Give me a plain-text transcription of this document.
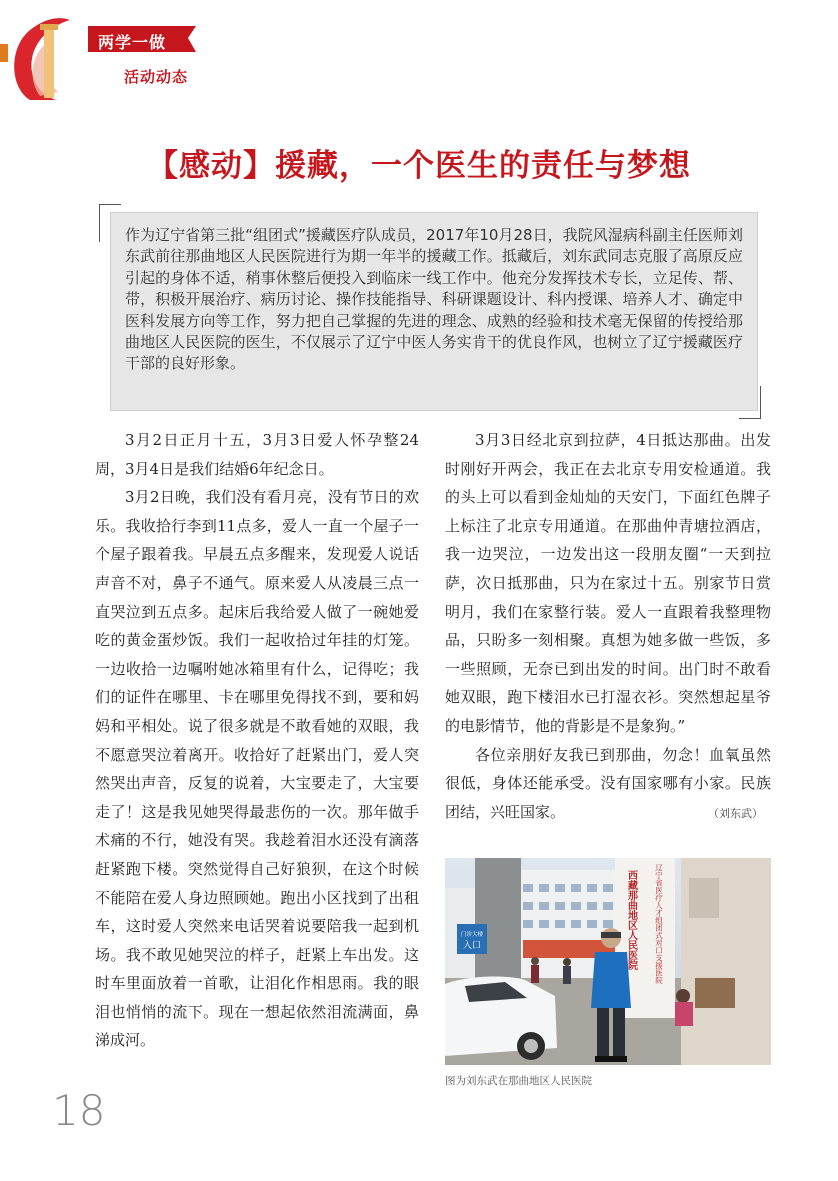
两学一做
活动动态
【感动】援藏，一个医生的责任与梦想
作为辽宁省第三批“组团式”援藏医疗队成员，2017年10月28日，我院风湿病科副主任医师刘东武前往那曲地区人民医院进行为期一年半的援藏工作。抵藏后，刘东武同志克服了高原反应引起的身体不适，稍事休整后便投入到临床一线工作中。他充分发挥技术专长，立足传、帮、带，积极开展治疗、病历讨论、操作技能指导、科研课题设计、科内授课、培养人才、确定中医科发展方向等工作，努力把自己掌握的先进的理念、成熟的经验和技术毫无保留的传授给那曲地区人民医院的医生，不仅展示了辽宁中医人务实肯干的优良作风，也树立了辽宁援藏医疗干部的良好形象。

3月2日正月十五，3月3日爱人怀孕整24周，3月4日是我们结婚6年纪念日。

3月2日晚，我们没有看月亮，没有节日的欢乐。我收拾行李到11点多，爱人一直一个屋子一个屋子跟着我。早晨五点多醒来，发现爱人说话声音不对，鼻子不通气。原来爱人从凌晨三点一直哭泣到五点多。起床后我给爱人做了一碗她爱吃的黄金蛋炒饭。我们一起收拾过年挂的灯笼。一边收拾一边嘱咐她冰箱里有什么，记得吃；我们的证件在哪里、卡在哪里免得找不到，要和妈妈和平相处。说了很多就是不敢看她的双眼，我不愿意哭泣着离开。收拾好了赶紧出门，爱人突然哭出声音，反复的说着，大宝要走了，大宝要走了！这是我见她哭得最悲伤的一次。那年做手术痛的不行，她没有哭。我趁着泪水还没有滴落赶紧跑下楼。突然觉得自己好狼狈，在这个时候不能陪在爱人身边照顾她。跑出小区找到了出租车，这时爱人突然来电话哭着说要陪我一起到机场。我不敢见她哭泣的样子，赶紧上车出发。这时车里面放着一首歌，让泪化作相思雨。我的眼泪也悄悄的流下。现在一想起依然泪流满面，鼻涕成河。

3月3日经北京到拉萨，4日抵达那曲。出发时刚好开两会，我正在去北京专用安检通道。我的头上可以看到金灿灿的天安门，下面红色牌子上标注了北京专用通道。在那曲仲青塘拉酒店，我一边哭泣，一边发出这一段朋友圈“一天到拉萨，次日抵那曲，只为在家过十五。别家节日赏明月，我们在家整行装。爱人一直跟着我整理物品，只盼多一刻相聚。真想为她多做一些饭，多一些照顾，无奈已到出发的时间。出门时不敢看她双眼，跑下楼泪水已打湿衣衫。突然想起星爷的电影情节，他的背影是不是象狗。”

各位亲朋好友我已到那曲，勿念！血氧虽然很低，身体还能承受。没有国家哪有小家。民族团结，兴旺国家。	（刘东武）

门诊大楼
入口	西藏那曲地区人民医院 辽宁省医疗人才组团式对口支援医院
图为刘东武在那曲地区人民医院
18
